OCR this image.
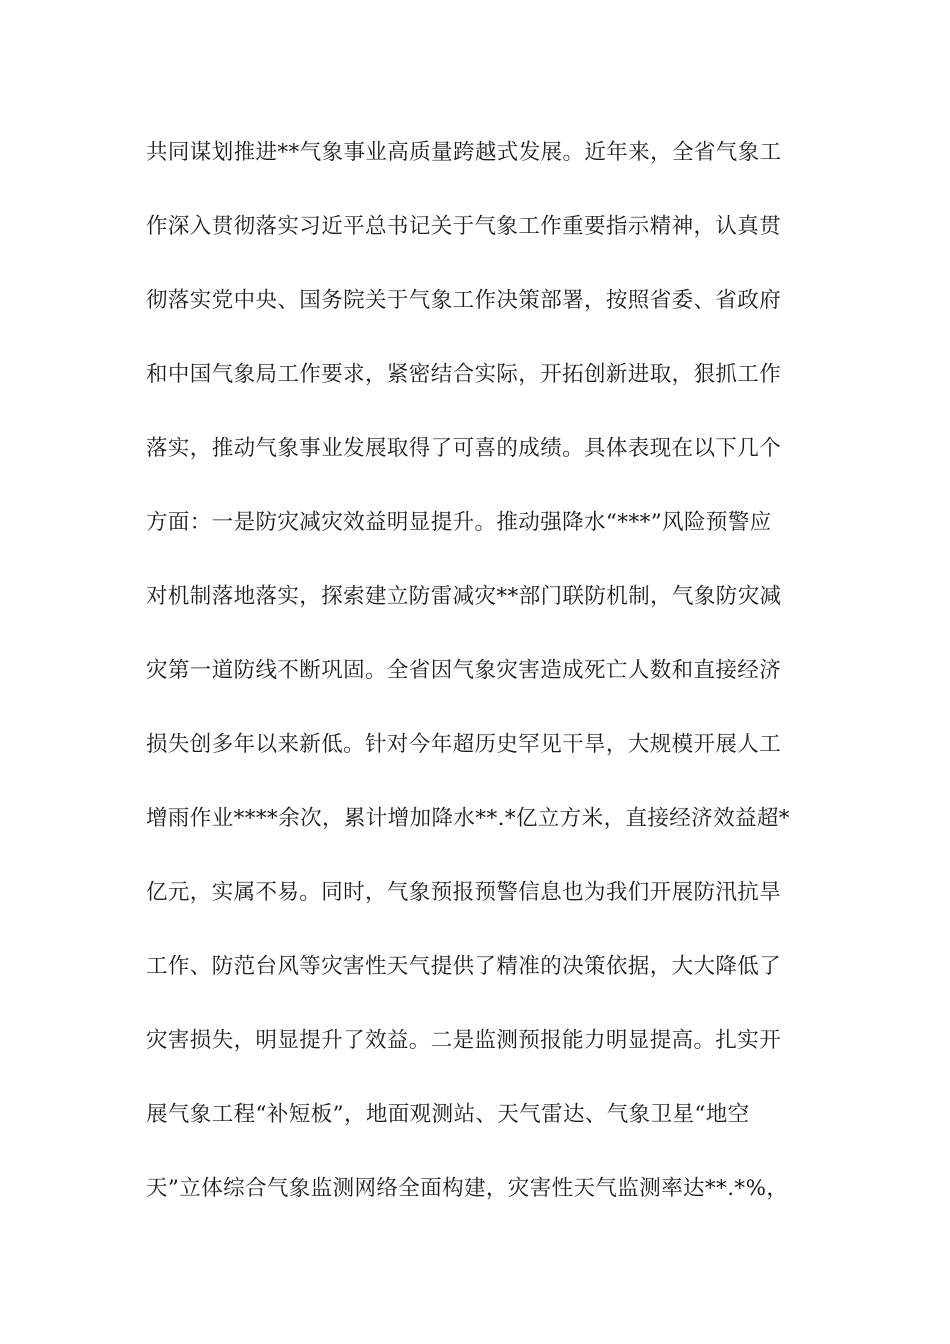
共同谋划推进**气象事业高质量跨越式发展。近年来，全省气象工
作深入贯彻落实习近平总书记关于气象工作重要指示精神，认真贯
彻落实党中央、国务院关于气象工作决策部署，按照省委、省政府
和中国气象局工作要求，紧密结合实际，开拓创新进取，狠抓工作
落实，推动气象事业发展取得了可喜的成绩。具体表现在以下几个
方面：一是防灾减灾效益明显提升。推动强降水“***”风险预警应
对机制落地落实，探索建立防雷减灾**部门联防机制，气象防灾减
灾第一道防线不断巩固。全省因气象灾害造成死亡人数和直接经济
损失创多年以来新低。针对今年超历史罕见干旱，大规模开展人工
增雨作业****余次，累计增加降水**.*亿立方米，直接经济效益超*
亿元，实属不易。同时，气象预报预警信息也为我们开展防汛抗旱
工作、防范台风等灾害性天气提供了精准的决策依据，大大降低了
灾害损失，明显提升了效益。二是监测预报能力明显提高。扎实开
展气象工程“补短板”，地面观测站、天气雷达、气象卫星“地空
天”立体综合气象监测网络全面构建，灾害性天气监测率达**.*%，
